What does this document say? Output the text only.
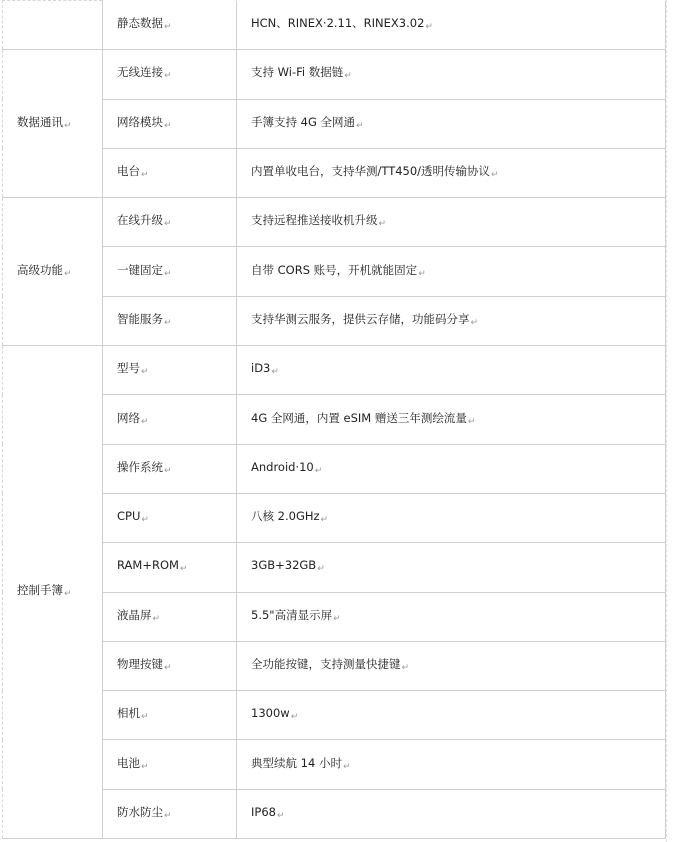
	静态数据↵	HCN、RINEX·2.11、RINEX3.02↵
数据通讯↵	无线连接↵	支持 Wi-Fi 数据链↵
	网络模块↵	手簿支持 4G 全网通↵
	电台↵	内置单收电台，支持华测/TT450/透明传输协议↵
高级功能↵	在线升级↵	支持远程推送接收机升级↵
	一键固定↵	自带 CORS 账号，开机就能固定↵
	智能服务↵	支持华测云服务，提供云存储，功能码分享↵
控制手簿↵	型号↵	iD3↵
	网络↵	4G 全网通，内置 eSIM 赠送三年测绘流量↵
	操作系统↵	Android·10↵
	CPU↵	八核 2.0GHz↵
	RAM+ROM↵	3GB+32GB↵
	液晶屏↵	5.5"高清显示屏↵
	物理按键↵	全功能按键，支持测量快捷键↵
	相机↵	1300w↵
	电池↵	典型续航 14 小时↵
	防水防尘↵	IP68↵
